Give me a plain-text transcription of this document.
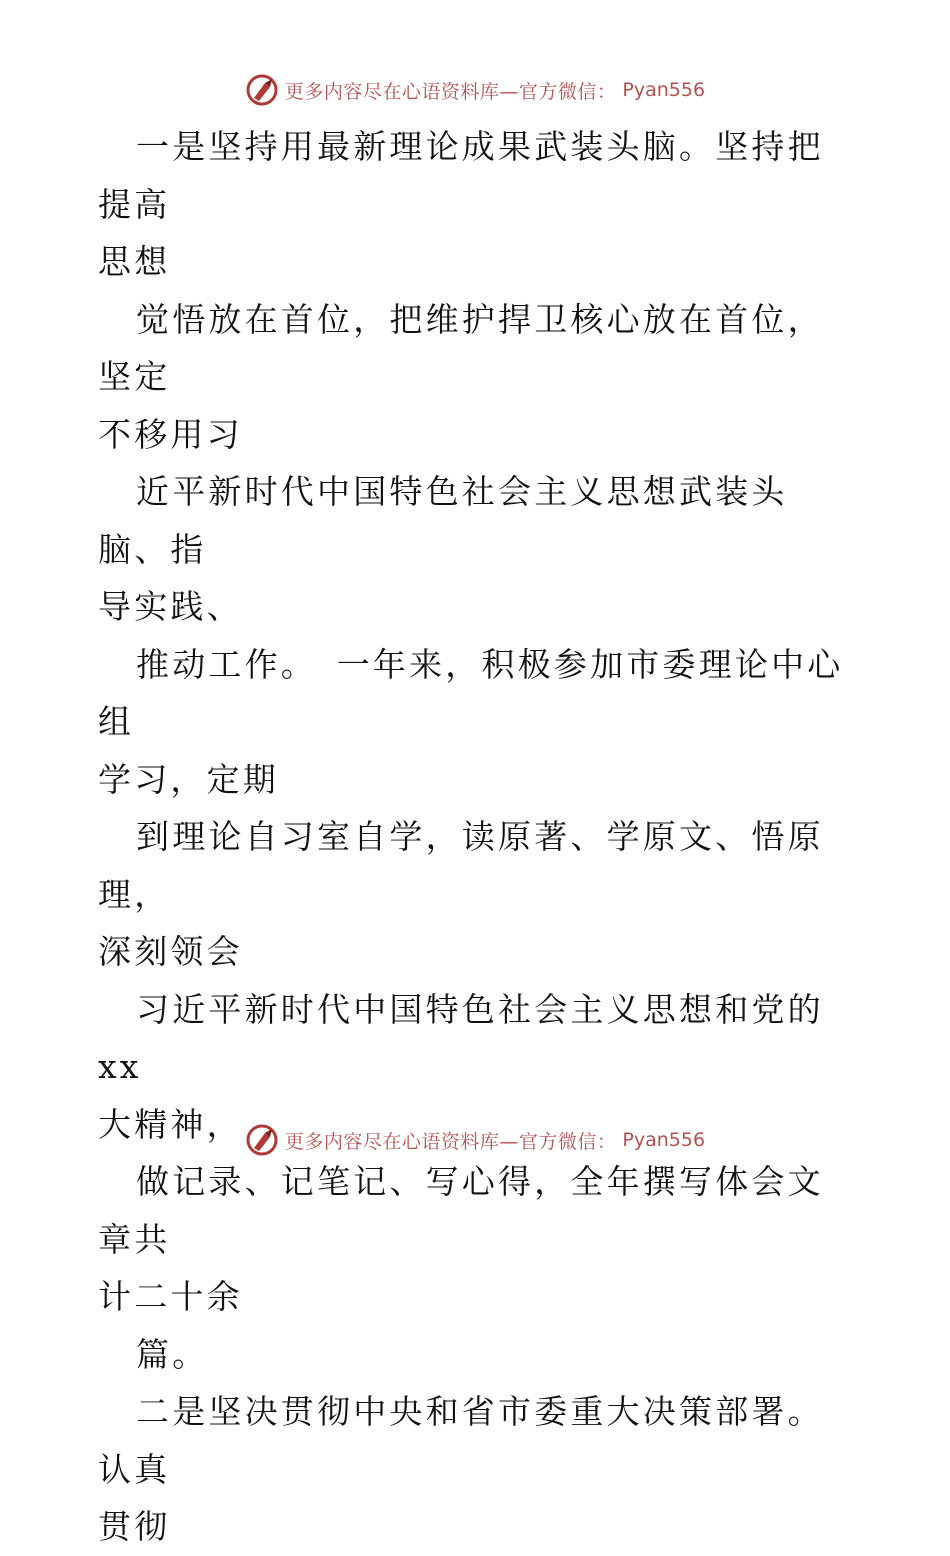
更多内容尽在心语资料库—官方微信： Pyan556

一是坚持用最新理论成果武装头脑。坚持把提高
思想

觉悟放在首位，把维护捍卫核心放在首位，坚定
不移用习

近平新时代中国特色社会主义思想武装头脑、指
导实践、

推动工作。　一年来，积极参加市委理论中心组
学习，定期

到理论自习室自学，读原著、学原文、悟原理，
深刻领会

习近平新时代中国特色社会主义思想和党的 xx
大精神，

做记录、记笔记、写心得，全年撰写体会文章共
计二十余

篇。

二是坚决贯彻中央和省市委重大决策部署。认真
贯彻

更多内容尽在心语资料库—官方微信： Pyan556
